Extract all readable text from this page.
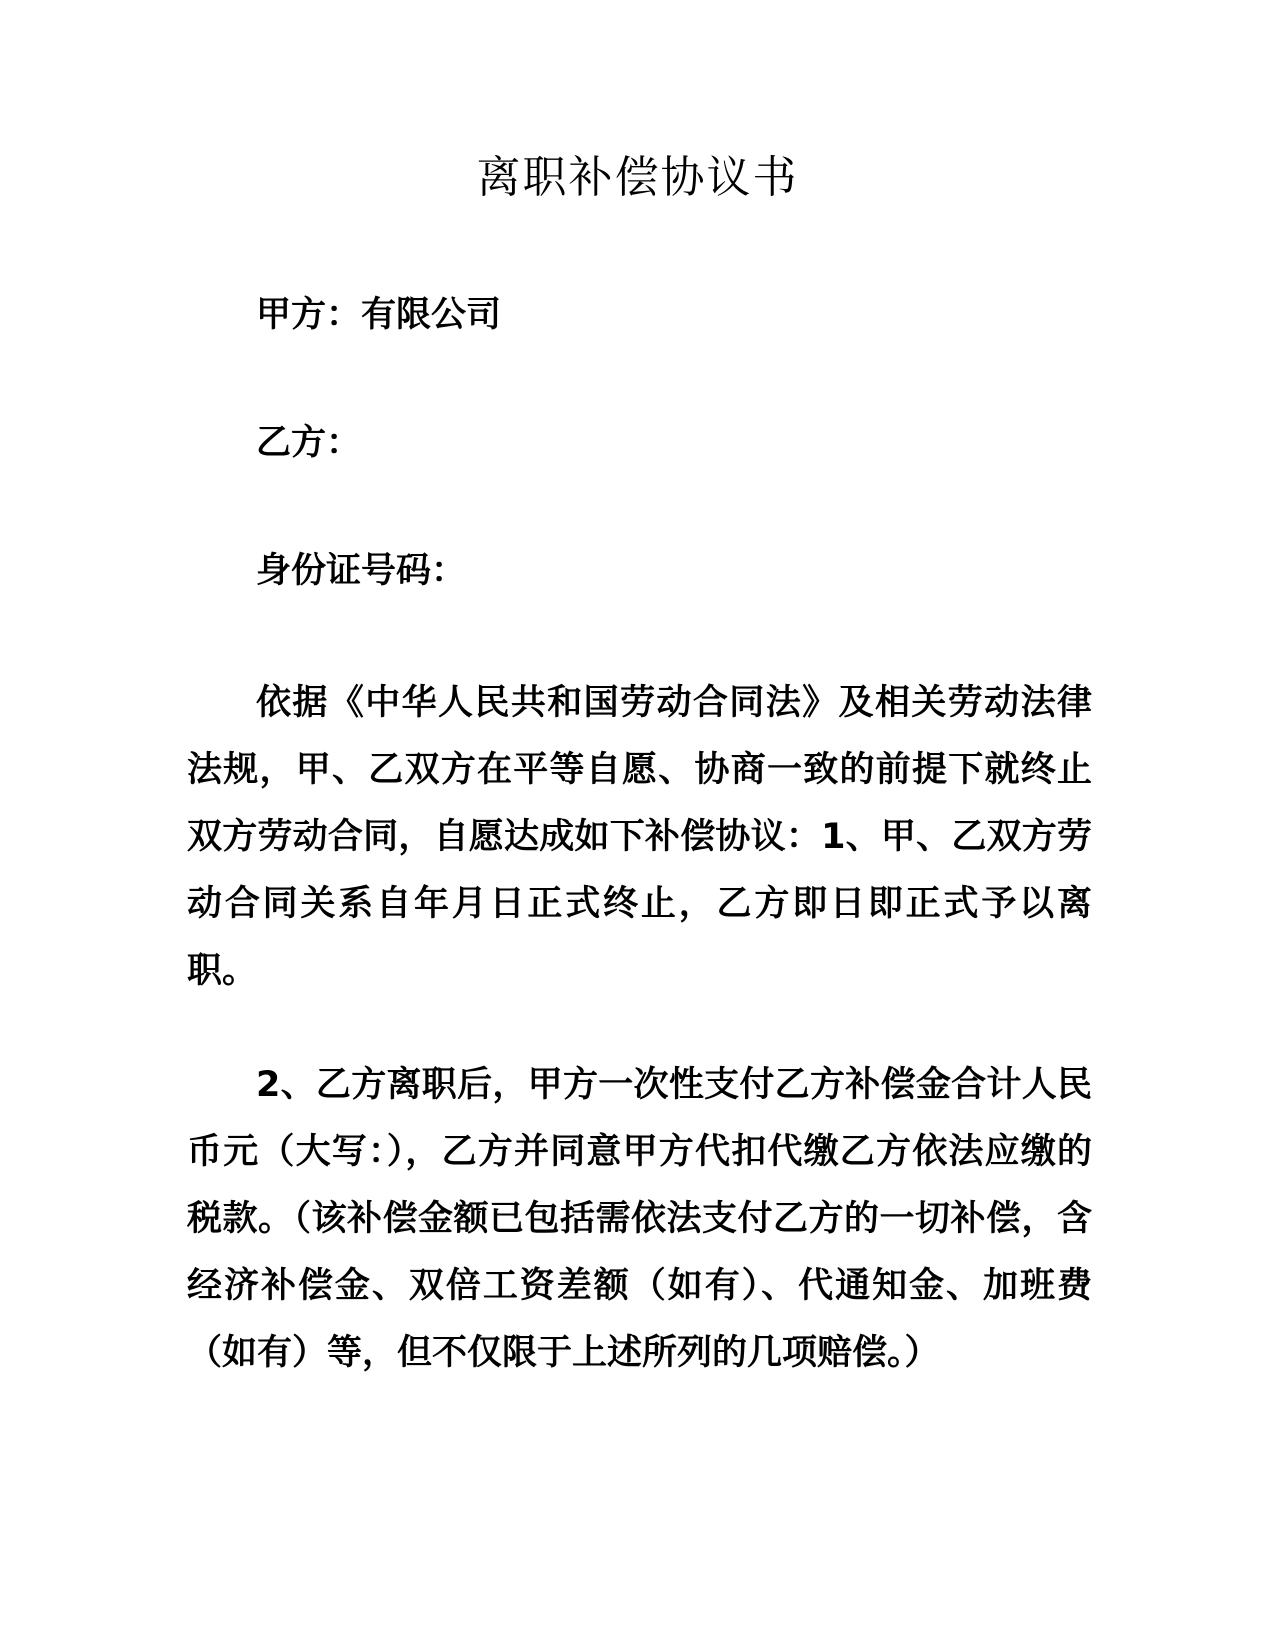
离职补偿协议书

甲方：有限公司

乙方：

身份证号码：

依据《中华人民共和国劳动合同法》及相关劳动法律法规，甲、乙双方在平等自愿、协商一致的前提下就终止双方劳动合同，自愿达成如下补偿协议：1、甲、乙双方劳动合同关系自年月日正式终止，乙方即日即正式予以离职。

2、乙方离职后，甲方一次性支付乙方补偿金合计人民币元（大写：），乙方并同意甲方代扣代缴乙方依法应缴的税款。（该补偿金额已包括需依法支付乙方的一切补偿，含经济补偿金、双倍工资差额（如有）、代通知金、加班费（如有）等，但不仅限于上述所列的几项赔偿。）
